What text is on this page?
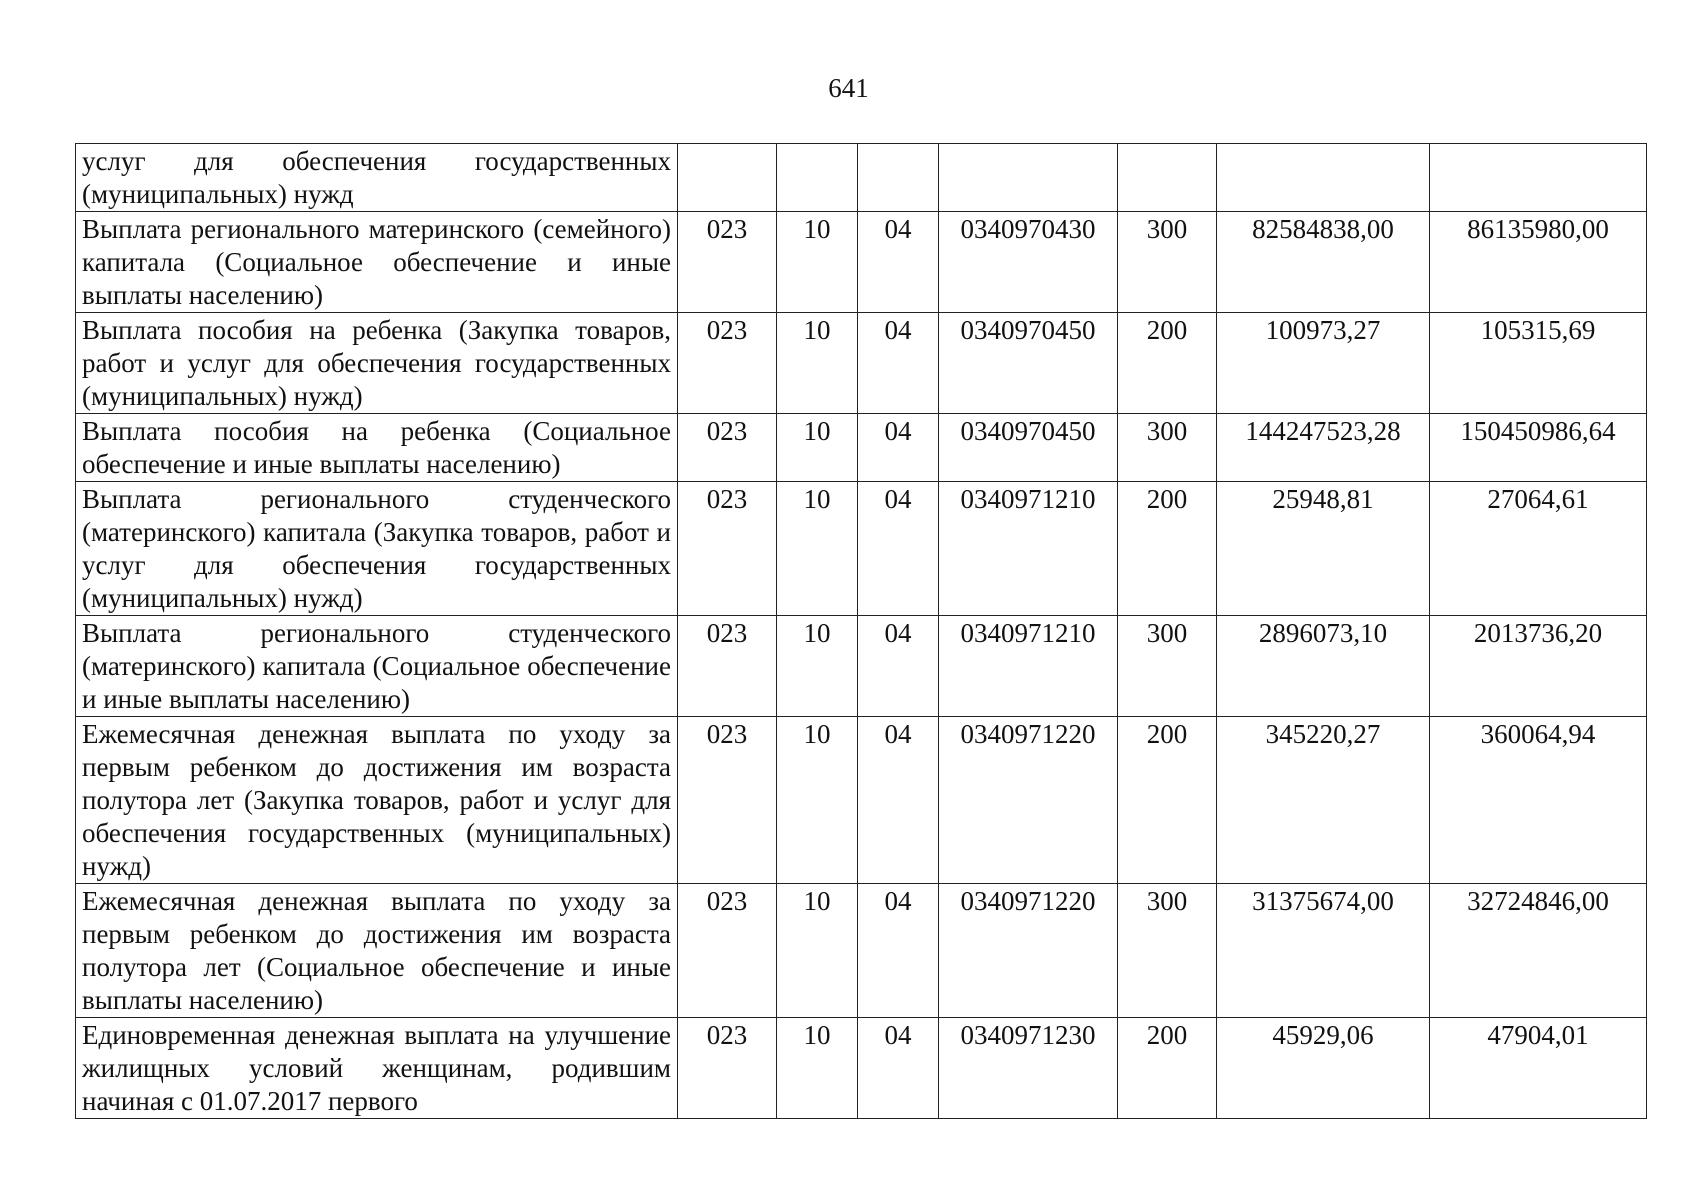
641
услуг для обеспечения государственных (муниципальных) нужд							
Выплата регионального материнского (семейного) капитала (Социальное обеспечение и иные выплаты населению)	023	10	04	0340970430	300	82584838,00	86135980,00
Выплата пособия на ребенка (Закупка товаров, работ и услуг для обеспечения государственных (муниципальных) нужд)	023	10	04	0340970450	200	100973,27	105315,69
Выплата пособия на ребенка (Социальное обеспечение и иные выплаты населению)	023	10	04	0340970450	300	144247523,28	150450986,64
Выплата регионального студенческого (материнского) капитала (Закупка товаров, работ и услуг для обеспечения государственных (муниципальных) нужд)	023	10	04	0340971210	200	25948,81	27064,61
Выплата регионального студенческого (материнского) капитала (Социальное обеспечение и иные выплаты населению)	023	10	04	0340971210	300	2896073,10	2013736,20
Ежемесячная денежная выплата по уходу за первым ребенком до достижения им возраста полутора лет (Закупка товаров, работ и услуг для обеспечения государственных (муниципальных) нужд)	023	10	04	0340971220	200	345220,27	360064,94
Ежемесячная денежная выплата по уходу за первым ребенком до достижения им возраста полутора лет (Социальное обеспечение и иные выплаты населению)	023	10	04	0340971220	300	31375674,00	32724846,00
Единовременная денежная выплата на улучшение жилищных условий женщинам, родившим начиная с 01.07.2017 первого	023	10	04	0340971230	200	45929,06	47904,01
